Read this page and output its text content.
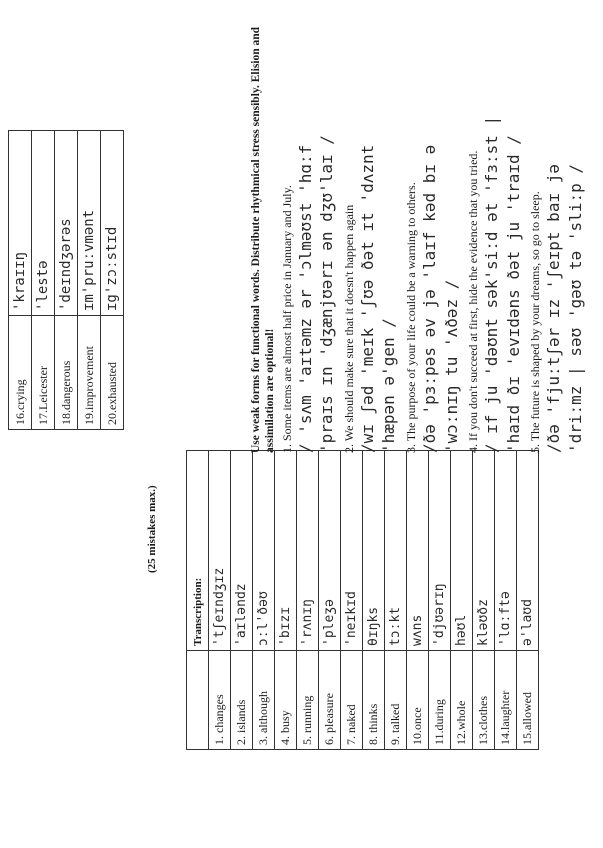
(25 mistakes max.)
	Transcription:
1. changes	'tʃeɪndʒɪz
2. islands	'aɪləndz
3. although	ɔːl'ðəʊ
4. busy	'bɪzɪ
5. running	'rʌnɪŋ
6. pleasure	'pleʒə
7. naked	'neɪkɪd
8. thinks	θɪŋks
9. talked	tɔːkt
10.once	wʌns
11.during	'djʊərɪŋ
12.whole	həʊl
13.clothes	kləʊðz
14.laughter	'lɑːftə
15.allowed	ə'laʊd
16.crying	'kraɪɪŋ
17.Leicester	'lestə
18.dangerous	'deɪndʒərəs
19.improvement	ɪm'pruːvmənt
20.exhausted	ɪg'zɔːstɪd	Use weak forms for functional words. Distribute rhythmical stress sensibly. Elision and assimilation are optional! 1. Some items are almost half price in January and July. / 'sʌm 'aɪtəmz ər 'ɔlməʊst 'hɑːf
'praɪs ɪn 'dʒænjʊərɪ ən dʒʊ'laɪ /

2. We should make sure that it doesn't happen again /wɪ ʃəd 'meɪk 'ʃʊə ðət ɪt 'dʌznt
'hæpən ə'gen / 3. The purpose of your life could be a warning to others. /ðə 'pɜːpəs əv jə 'laɪf kəd bɪ ə
'wɔːnɪŋ tu 'ʌðəz / 4. If you don't succeed at first, hide the evidence that you tried. / ɪf ju 'dəʊnt sək'siːd ət 'fɜːst |
'haɪd ðɪ 'evɪdəns ðət ju 'traɪd /

5. The future is shaped by your dreams, so go to sleep. /ðə 'fjuːtʃər ɪz 'ʃeɪpt baɪ jə
'driːmz | səʊ 'gəʊ tə 'sliːp /
